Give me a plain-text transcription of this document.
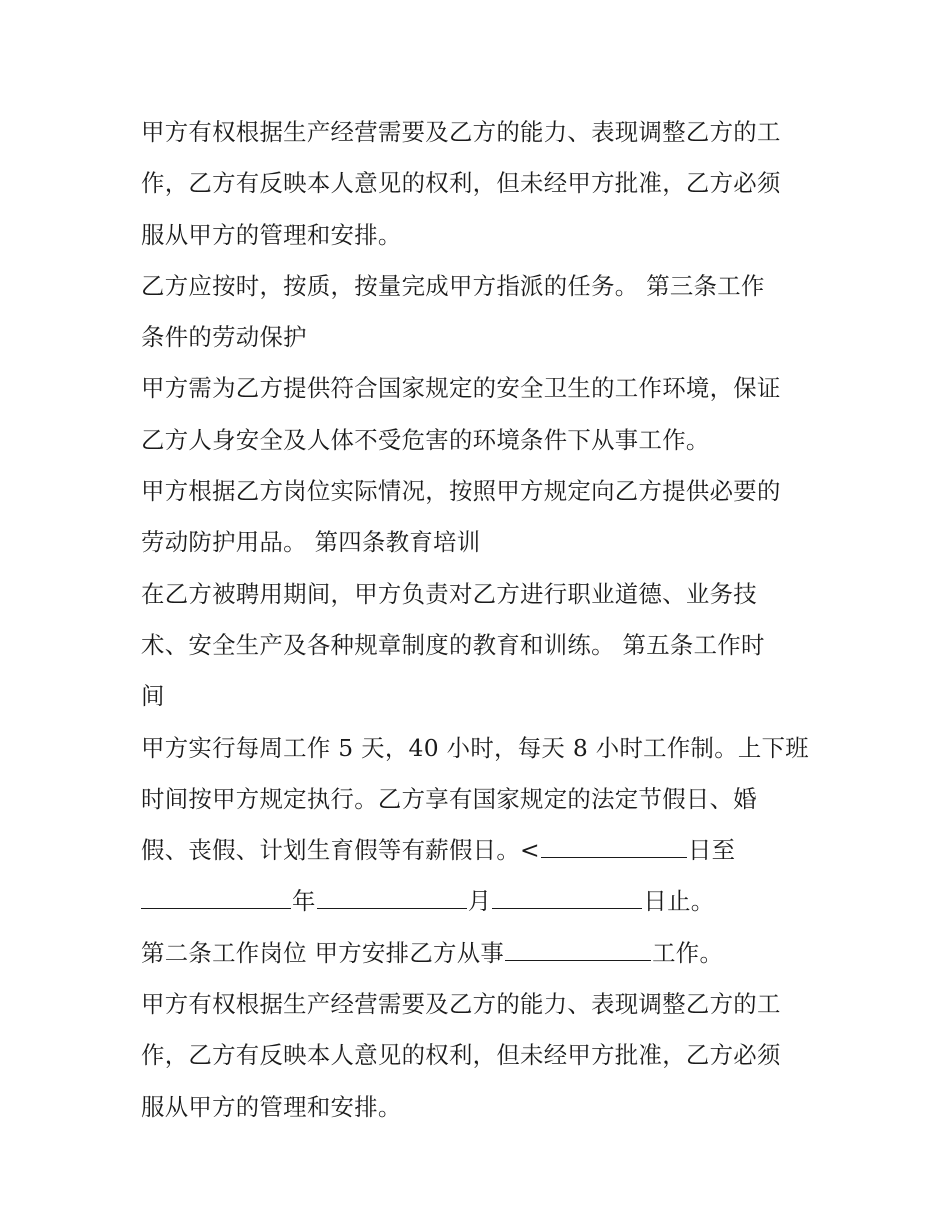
甲方有权根据生产经营需要及乙方的能力、表现调整乙方的工
作，乙方有反映本人意见的权利，但未经甲方批准，乙方必须
服从甲方的管理和安排。
乙方应按时，按质，按量完成甲方指派的任务。 第三条工作
条件的劳动保护
甲方需为乙方提供符合国家规定的安全卫生的工作环境，保证
乙方人身安全及人体不受危害的环境条件下从事工作。
甲方根据乙方岗位实际情况，按照甲方规定向乙方提供必要的
劳动防护用品。 第四条教育培训
在乙方被聘用期间，甲方负责对乙方进行职业道德、业务技
术、安全生产及各种规章制度的教育和训练。 第五条工作时
间
甲方实行每周工作 5 天，40 小时，每天 8 小时工作制。上下班
时间按甲方规定执行。乙方享有国家规定的法定节假日、婚
假、丧假、计划生育假等有薪假日。<	日至
年	月	日止。
第二条工作岗位 甲方安排乙方从事	工作。
甲方有权根据生产经营需要及乙方的能力、表现调整乙方的工
作，乙方有反映本人意见的权利，但未经甲方批准，乙方必须
服从甲方的管理和安排。
